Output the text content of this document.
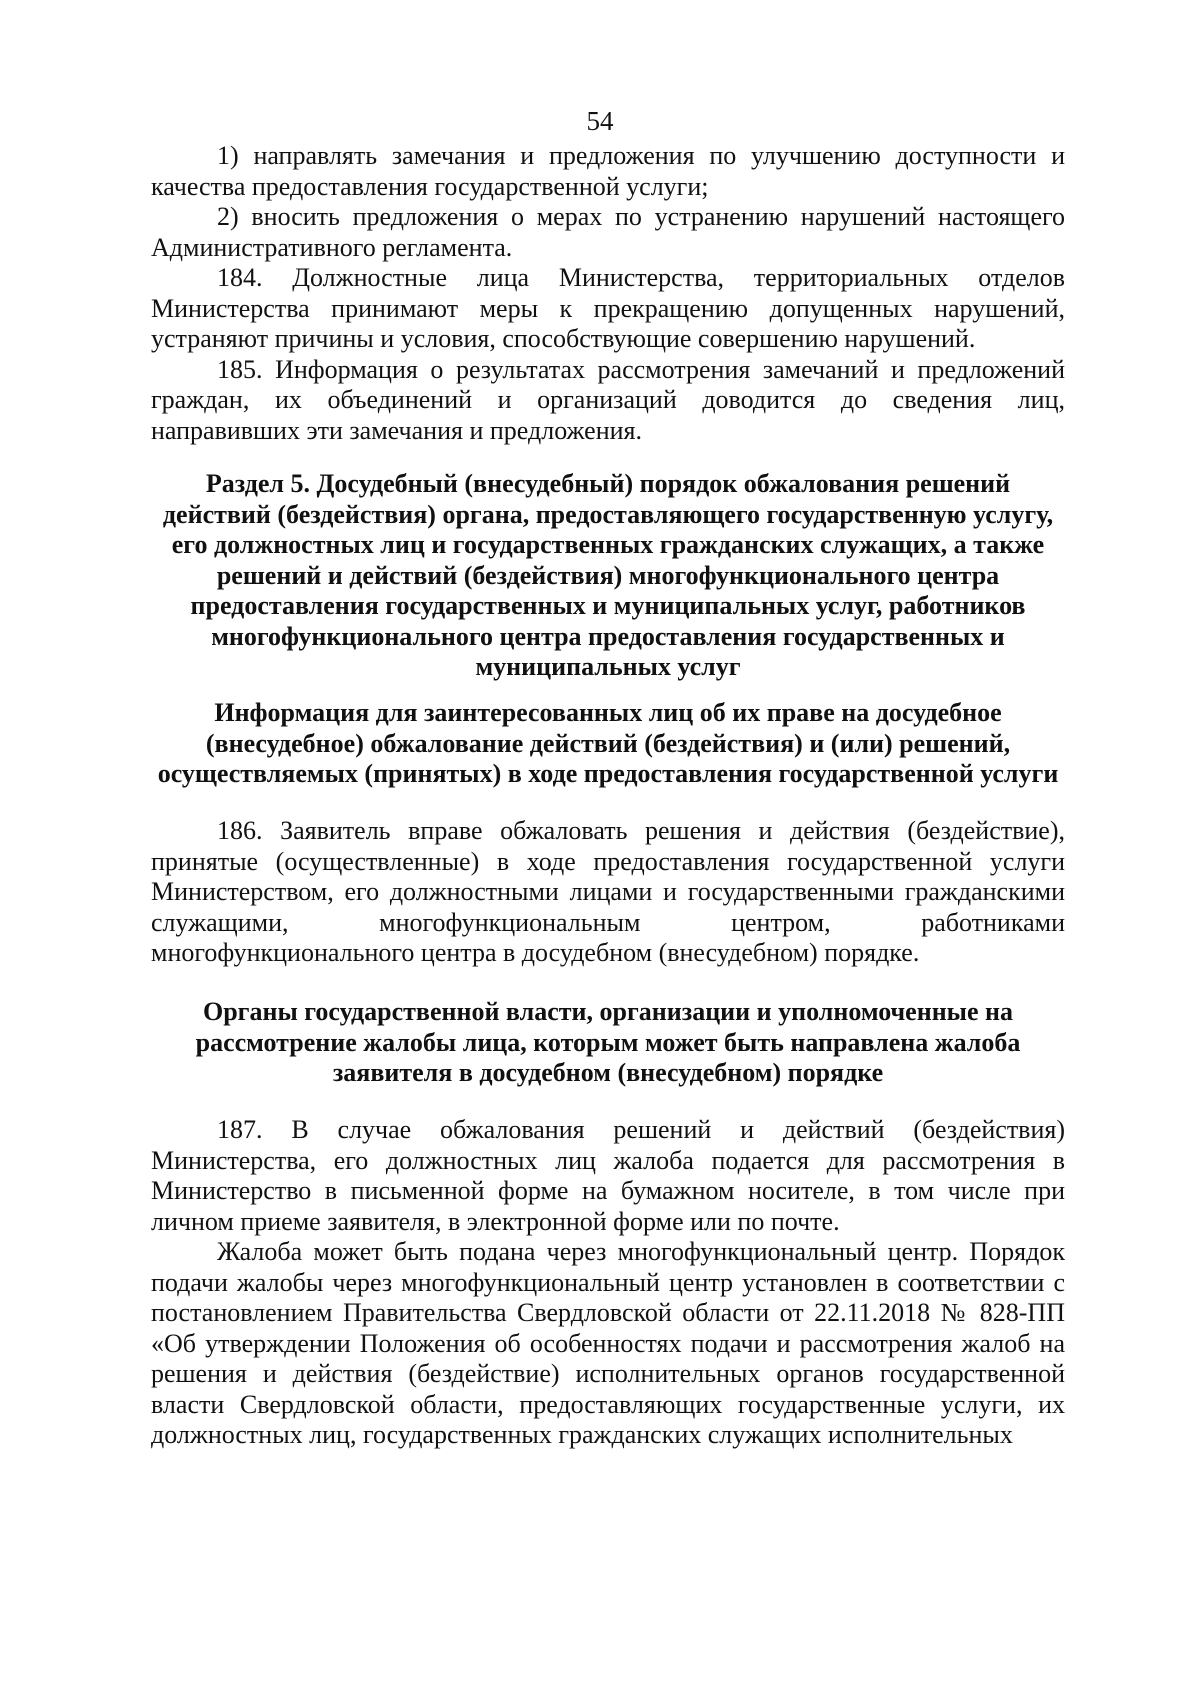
54

1) направлять замечания и предложения по улучшению доступности и качества предоставления государственной услуги;

2) вносить предложения о мерах по устранению нарушений настоящего Административного регламента.

184. Должностные лица Министерства, территориальных отделов Министерства принимают меры к прекращению допущенных нарушений, устраняют причины и условия, способствующие совершению нарушений.

185. Информация о результатах рассмотрения замечаний и предложений граждан, их объединений и организаций доводится до сведения лиц, направивших эти замечания и предложения.

Раздел 5. Досудебный (внесудебный) порядок обжалования решений действий (бездействия) органа, предоставляющего государственную услугу, его должностных лиц и государственных гражданских служащих, а также решений и действий (бездействия) многофункционального центра предоставления государственных и муниципальных услуг, работников многофункционального центра предоставления государственных и муниципальных услуг

Информация для заинтересованных лиц об их праве на досудебное (внесудебное) обжалование действий (бездействия) и (или) решений, осуществляемых (принятых) в ходе предоставления государственной услуги

186. Заявитель вправе обжаловать решения и действия (бездействие), принятые (осуществленные) в ходе предоставления государственной услуги Министерством, его должностными лицами и государственными гражданскими служащими, многофункциональным центром, работниками многофункционального центра в досудебном (внесудебном) порядке.

Органы государственной власти, организации и уполномоченные на рассмотрение жалобы лица, которым может быть направлена жалоба заявителя в досудебном (внесудебном) порядке

187. В случае обжалования решений и действий (бездействия) Министерства, его должностных лиц жалоба подается для рассмотрения в Министерство в письменной форме на бумажном носителе, в том числе при личном приеме заявителя, в электронной форме или по почте.

Жалоба может быть подана через многофункциональный центр. Порядок подачи жалобы через многофункциональный центр установлен в соответствии с постановлением Правительства Свердловской области от 22.11.2018 № 828-ПП «Об утверждении Положения об особенностях подачи и рассмотрения жалоб на решения и действия (бездействие) исполнительных органов государственной власти Свердловской области, предоставляющих государственные услуги, их должностных лиц, государственных гражданских служащих исполнительных
